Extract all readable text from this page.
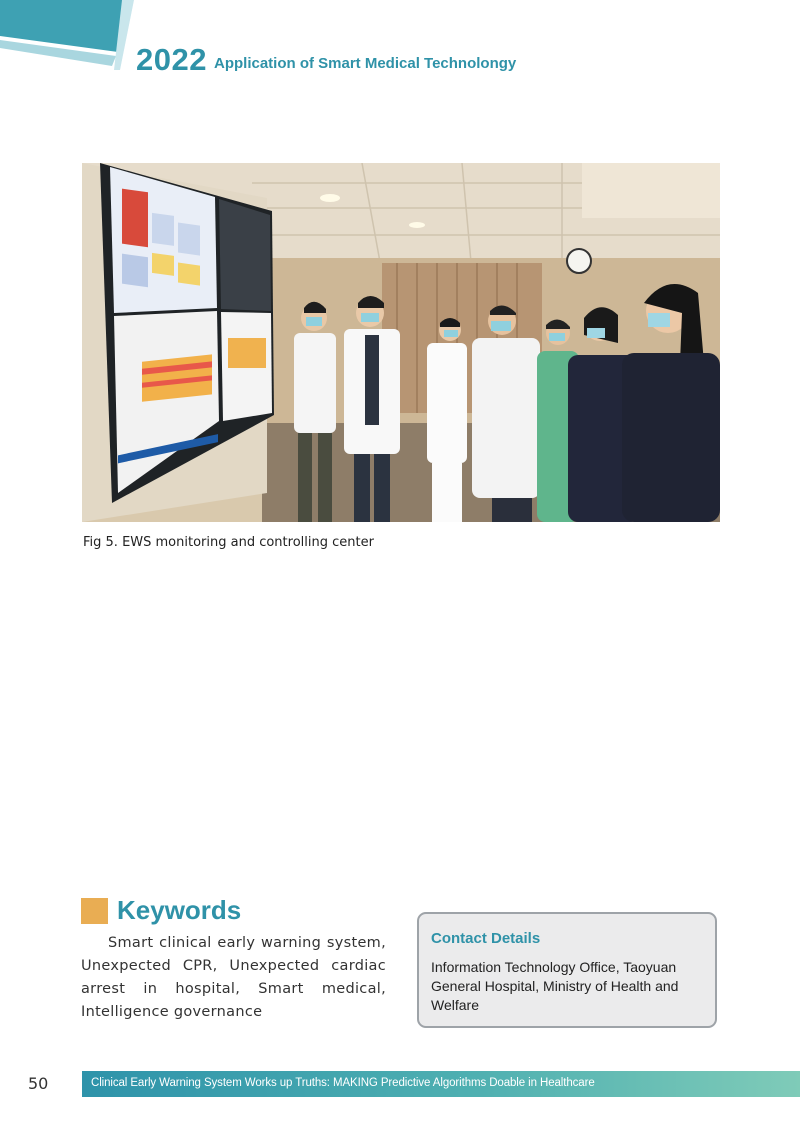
2022 Application of Smart Medical Technolongy
Fig 5. EWS monitoring and controlling center
Keywords
Smart clinical early warning system, Unexpected CPR, Unexpected cardiac arrest in hospital, Smart medical, Intelligence governance
Contact Details
Information Technology Office, Taoyuan General Hospital, Ministry of Health and Welfare
50	Clinical Early Warning System Works up Truths: MAKING Predictive Algorithms Doable in Healthcare
